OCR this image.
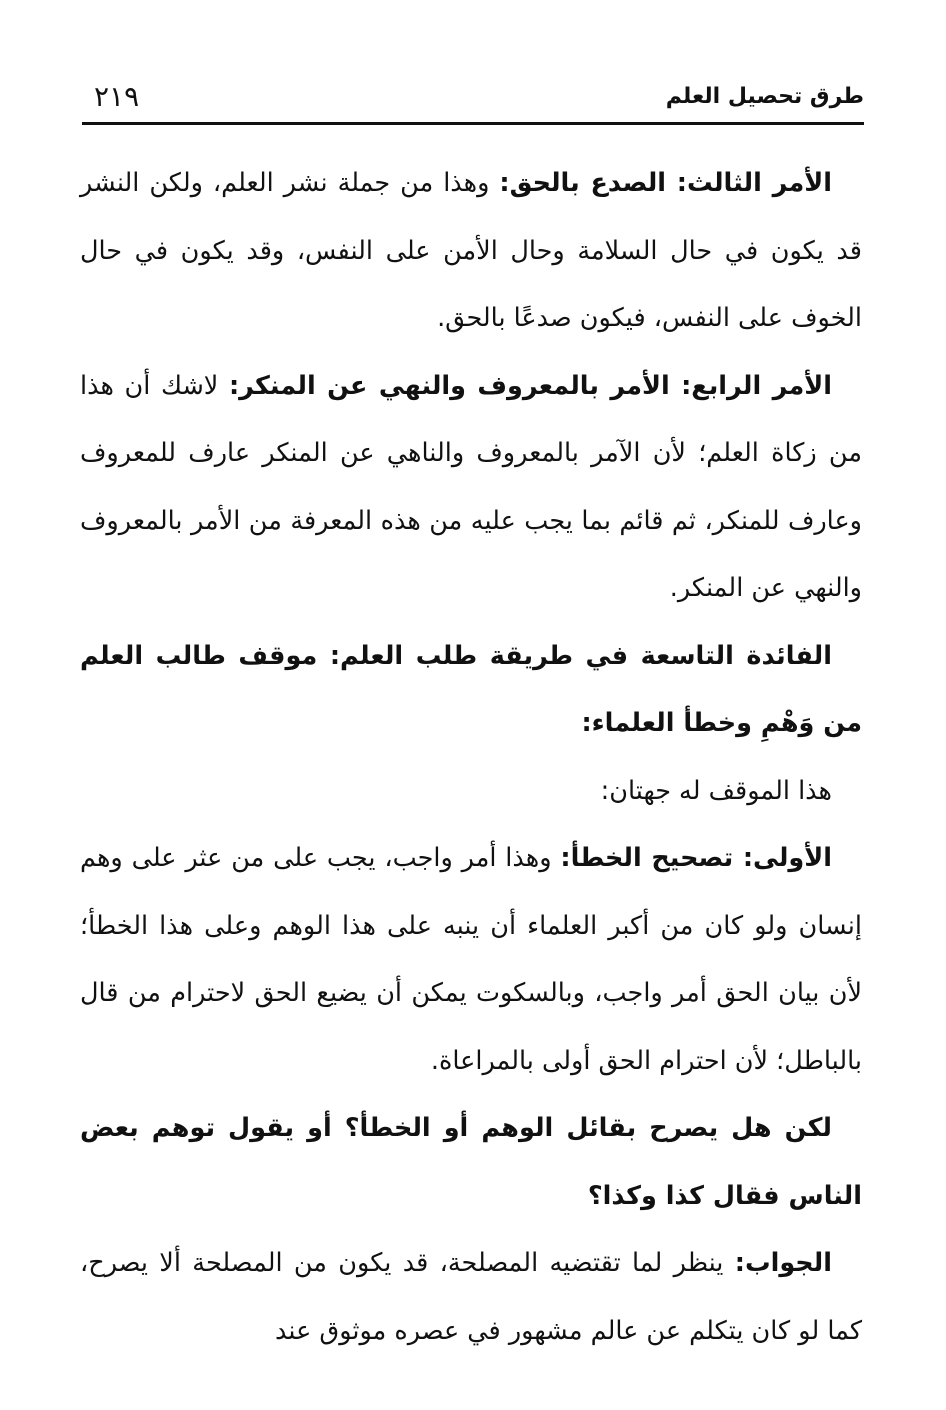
طرق تحصيل العلم
٢١٩

الأمر الثالث: الصدع بالحق: وهذا من جملة نشر العلم، ولكن النشر قد يكون في حال السلامة وحال الأمن على النفس، وقد يكون في حال الخوف على النفس، فيكون صدعًا بالحق.

الأمر الرابع: الأمر بالمعروف والنهي عن المنكر: لاشك أن هذا من زكاة العلم؛ لأن الآمر بالمعروف والناهي عن المنكر عارف للمعروف وعارف للمنكر، ثم قائم بما يجب عليه من هذه المعرفة من الأمر بالمعروف والنهي عن المنكر.

الفائدة التاسعة في طريقة طلب العلم: موقف طالب العلم من وَهْمِ وخطأ العلماء:

هذا الموقف له جهتان:

الأولى: تصحيح الخطأ: وهذا أمر واجب، يجب على من عثر على وهم إنسان ولو كان من أكبر العلماء أن ينبه على هذا الوهم وعلى هذا الخطأ؛ لأن بيان الحق أمر واجب، وبالسكوت يمكن أن يضيع الحق لاحترام من قال بالباطل؛ لأن احترام الحق أولى بالمراعاة.

لكن هل يصرح بقائل الوهم أو الخطأ؟ أو يقول توهم بعض الناس فقال كذا وكذا؟

الجواب: ينظر لما تقتضيه المصلحة، قد يكون من المصلحة ألا يصرح، كما لو كان يتكلم عن عالم مشهور في عصره موثوق عند
